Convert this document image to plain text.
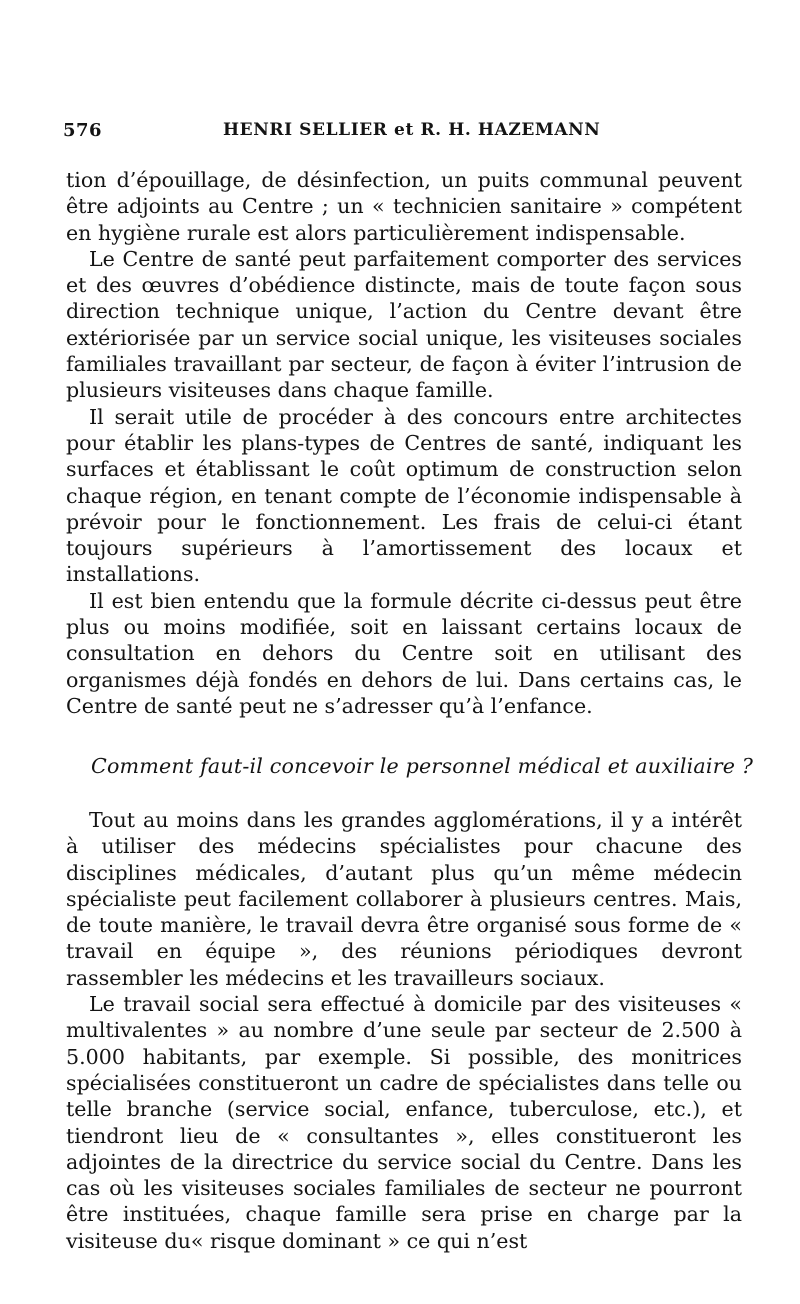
576	HENRI SELLIER et R. H. HAZEMANN

tion d’épouillage, de désinfection, un puits communal peuvent être adjoints au Centre ; un « technicien sanitaire » compétent en hygiène rurale est alors particulièrement indispensable.

Le Centre de santé peut parfaitement comporter des services et des œuvres d’obédience distincte, mais de toute façon sous direction technique unique, l’action du Centre devant être extériorisée par un service social unique, les visiteuses sociales familiales travaillant par secteur, de façon à éviter l’intrusion de plusieurs visiteuses dans chaque famille.

Il serait utile de procéder à des concours entre architectes pour établir les plans-types de Centres de santé, indiquant les surfaces et établissant le coût optimum de construction selon chaque région, en tenant compte de l’économie indispensable à prévoir pour le fonctionnement. Les frais de celui-ci étant toujours supérieurs à l’amortissement des locaux et installations.

Il est bien entendu que la formule décrite ci-dessus peut être plus ou moins modifiée, soit en laissant certains locaux de consultation en dehors du Centre soit en utilisant des organismes déjà fondés en dehors de lui. Dans certains cas, le Centre de santé peut ne s’adresser qu’à l’enfance.

Comment faut-il concevoir le personnel médical et auxiliaire ?

Tout au moins dans les grandes agglomérations, il y a intérêt à utiliser des médecins spécialistes pour chacune des disciplines médicales, d’autant plus qu’un même médecin spécialiste peut facilement collaborer à plusieurs centres. Mais, de toute manière, le travail devra être organisé sous forme de « travail en équipe », des réunions périodiques devront rassembler les médecins et les travailleurs sociaux.

Le travail social sera effectué à domicile par des visiteuses « multivalentes » au nombre d’une seule par secteur de 2.500 à 5.000 habitants, par exemple. Si possible, des monitrices spécialisées constitueront un cadre de spécialistes dans telle ou telle branche (service social, enfance, tuberculose, etc.), et tiendront lieu de « consultantes », elles constitueront les adjointes de la directrice du service social du Centre. Dans les cas où les visiteuses sociales familiales de secteur ne pourront être instituées, chaque famille sera prise en charge par la visiteuse du« risque dominant » ce qui n’est
